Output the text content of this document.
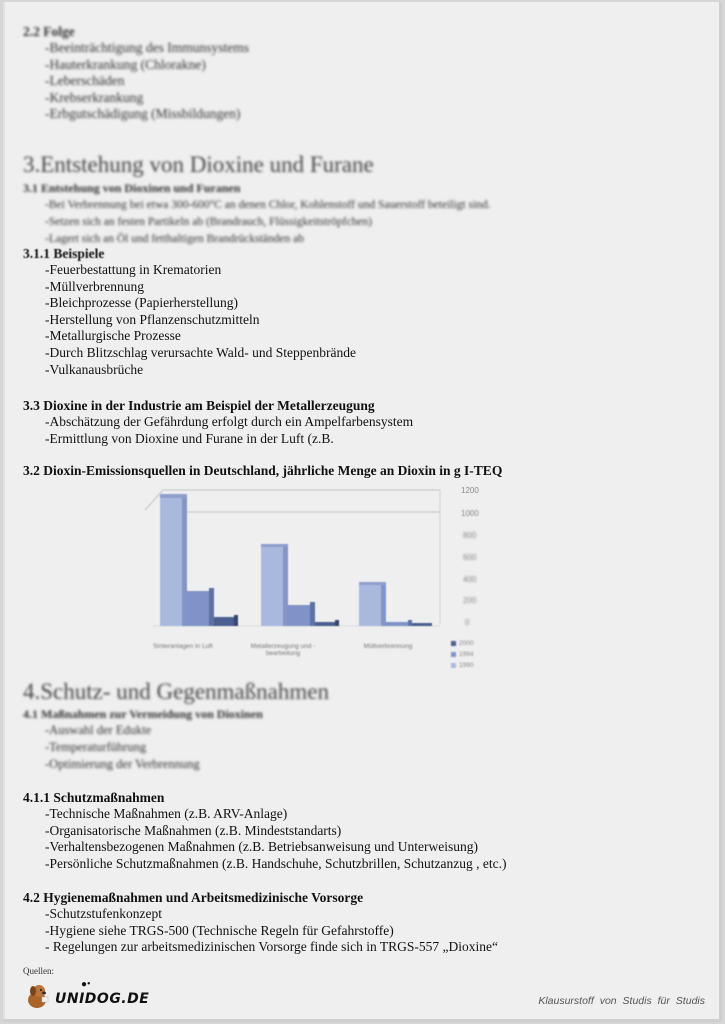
2.2 Folge
-Beeinträchtigung des Immunsystems
-Hauterkrankung (Chlorakne)
-Leberschäden
-Krebserkrankung
-Erbgutschädigung (Missbildungen)
3.Entstehung von Dioxine und Furane
3.1 Entstehung von Dioxinen und Furanen
-Bei Verbrennung bei etwa 300-600°C an denen Chlor, Kohlenstoff und Sauerstoff beteiligt sind.
-Setzen sich an festen Partikeln ab (Brandrauch, Flüssigkeitströpfchen)
-Lagert sich an Öl und fetthaltigen Brandrückständen ab
3.1.1 Beispiele
-Feuerbestattung in Krematorien
-Müllverbrennung
-Bleichprozesse (Papierherstellung)
-Herstellung von Pflanzenschutzmitteln
-Metallurgische Prozesse
-Durch Blitzschlag verursachte Wald- und Steppenbrände
-Vulkanausbrüche
3.3 Dioxine in der Industrie am Beispiel der Metallerzeugung
-Abschätzung der Gefährdung erfolgt durch ein Ampelfarbensystem
-Ermittlung von Dioxine und Furane in der Luft (z.B.
3.2 Dioxin-Emissionsquellen in Deutschland, jährliche Menge an Dioxin in g I-TEQ
1200
1000
800
600
400
200
0
Sinteranlagen in Luft	Metallerzeugung und -bearbeitung
Müllverbrennung	2000
1994
1990
4.Schutz- und Gegenmaßnahmen
4.1 Maßnahmen zur Vermeidung von Dioxinen
-Auswahl der Edukte
-Temperaturführung
-Optimierung der Verbrennung
4.1.1 Schutzmaßnahmen
-Technische Maßnahmen (z.B. ARV-Anlage)
-Organisatorische Maßnahmen (z.B. Mindeststandarts)
-Verhaltensbezogenen Maßnahmen (z.B. Betriebsanweisung und Unterweisung)
-Persönliche Schutzmaßnahmen (z.B. Handschuhe, Schutzbrillen, Schutzanzug , etc.)
4.2 Hygienemaßnahmen und Arbeitsmedizinische Vorsorge
-Schutzstufenkonzept
-Hygiene siehe TRGS-500 (Technische Regeln für Gefahrstoffe)
- Regelungen zur arbeitsmedizinischen Vorsorge finde sich in TRGS-557 „Dioxine“
Quellen:
●•
UNIDOG.DE	Klausurstoff von Studis für Studis
